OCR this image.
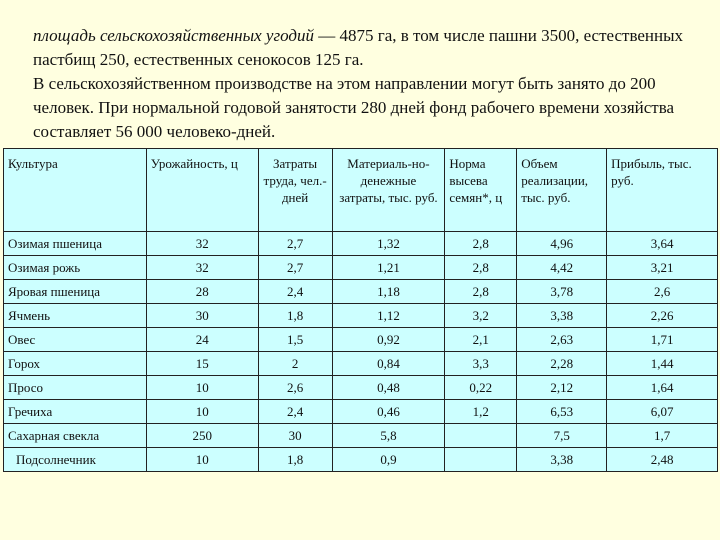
площадь сельскохозяйственных угодий — 4875 га, в том числе пашни 3500, естественных пастбищ 250, естественных сенокосов 125 га.

В сельскохозяйственном производстве на этом направлении могут быть занято до 200 человек. При нормальной годовой занятости 280 дней фонд рабочего времени хозяйства составляет 56 000 человеко-дней.

Культура	Урожайность, ц	Затраты труда, чел.-дней	Материаль-но-денежные затраты, тыс. руб.	Норма высева семян*, ц	Объем реализации, тыс. руб.	Прибыль, тыс. руб.
Озимая пшеница	32	2,7	1,32	2,8	4,96	3,64
Озимая рожь	32	2,7	1,21	2,8	4,42	3,21
Яровая пшеница	28	2,4	1,18	2,8	3,78	2,6
Ячмень	30	1,8	1,12	3,2	3,38	2,26
Овес	24	1,5	0,92	2,1	2,63	1,71
Горох	15	2	0,84	3,3	2,28	1,44
Просо	10	2,6	0,48	0,22	2,12	1,64
Гречиха	10	2,4	0,46	1,2	6,53	6,07
Сахарная свекла	250	30	5,8		7,5	1,7
Подсолнечник	10	1,8	0,9		3,38	2,48
